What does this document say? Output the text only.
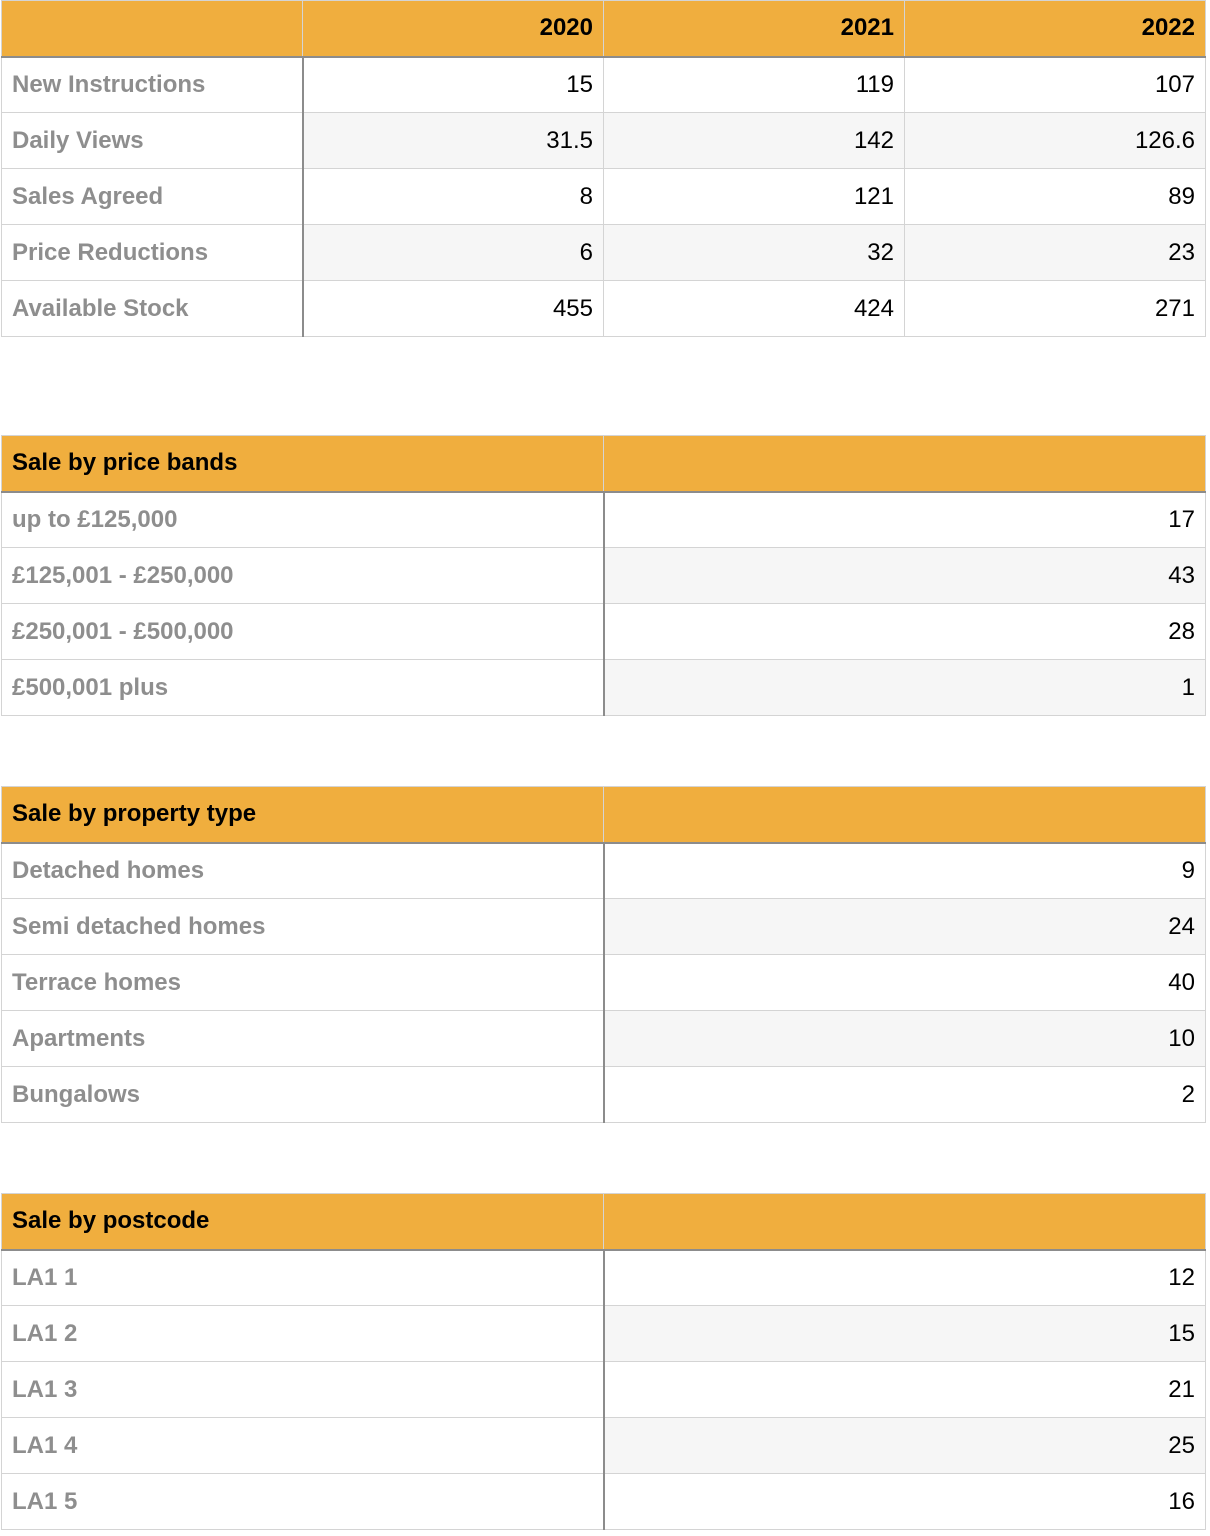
	2020	2021	2022
New Instructions	15	119	107
Daily Views	31.5	142	126.6
Sales Agreed	8	121	89
Price Reductions	6	32	23
Available Stock	455	424	271
Sale by price bands	
up to £125,000	17
£125,001 - £250,000	43
£250,001 - £500,000	28
£500,001 plus	1
Sale by property type	
Detached homes	9
Semi detached homes	24
Terrace homes	40
Apartments	10
Bungalows	2
Sale by postcode	
LA1 1	12
LA1 2	15
LA1 3	21
LA1 4	25
LA1 5	16
